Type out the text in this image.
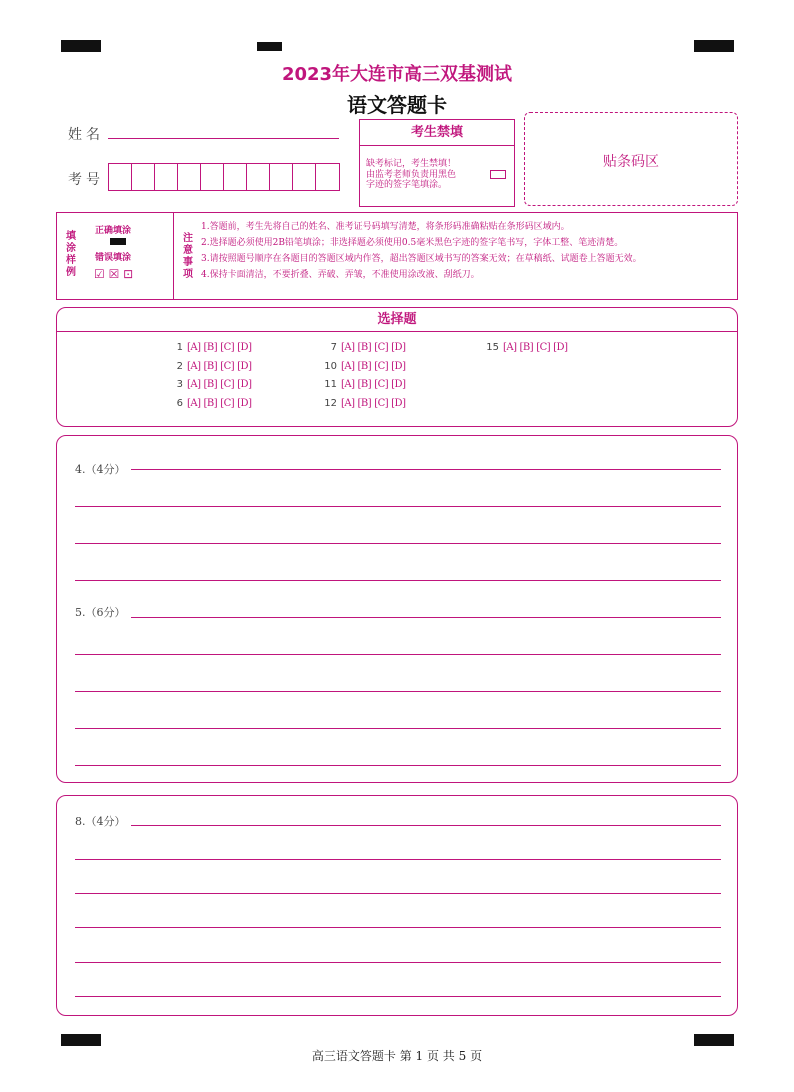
2023年大连市高三双基测试
语文答题卡
姓名
考号
考生禁填
缺考标记，考生禁填！
由监考老师负责用黑色
字迹的签字笔填涂。
贴条码区
填
涂
样
例
正确填涂
错误填涂
☑ ☒ ⊡
注
意
事
项
1.答题前，考生先将自己的姓名、准考证号码填写清楚，将条形码准确粘贴在条形码区域内。
2.选择题必须使用2B铅笔填涂；非选择题必须使用0.5毫米黑色字迹的签字笔书写，字体工整、笔迹清楚。
3.请按照题号顺序在各题目的答题区域内作答，超出答题区域书写的答案无效；在草稿纸、试题卷上答题无效。
4.保持卡面清洁，不要折叠、弄破、弄皱，不准使用涂改液、刮纸刀。
选择题
1 [A] [B] [C] [D]
2 [A] [B] [C] [D]
3 [A] [B] [C] [D]
6 [A] [B] [C] [D]
7 [A] [B] [C] [D]
10 [A] [B] [C] [D]
11 [A] [B] [C] [D]
12 [A] [B] [C] [D]
15 [A] [B] [C] [D]
4.（4分）
5.（6分）
8.（4分）
高三语文答题卡 第 1 页 共 5 页
